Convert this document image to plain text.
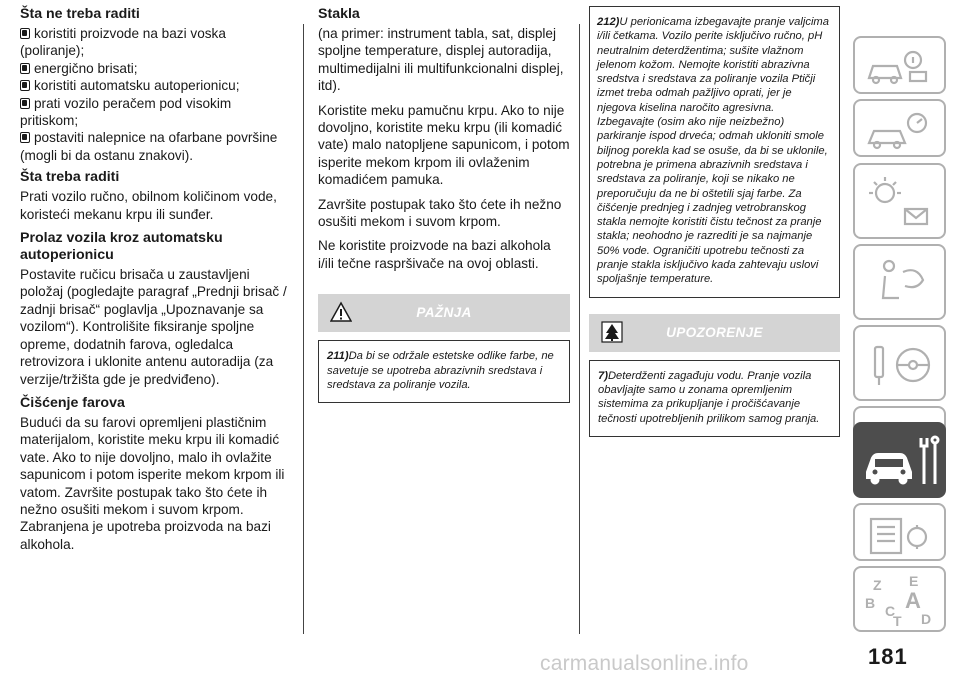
Šta ne treba raditi
koristiti proizvode na bazi voska (poliranje);
energično brisati;
koristiti automatsku autoperionicu;
prati vozilo peračem pod visokim pritiskom;
postaviti nalepnice na ofarbane površine (mogli bi da ostanu znakovi).
Šta treba raditi

Prati vozilo ručno, obilnom količinom vode, koristeći mekanu krpu ili sunđer.

Prolaz vozila kroz automatsku autoperionicu

Postavite ručicu brisača u zaustavljeni položaj (pogledajte paragraf „Prednji brisač / zadnji brisač“ poglavlja „Upoznavanje sa vozilom“). Kontrolišite fiksiranje spoljne opreme, dodatnih farova, ogledalca retrovizora i uklonite antenu autoradija (za verzije/tržišta gde je predviđeno).

Čišćenje farova

Budući da su farovi opremljeni plastičnim materijalom, koristite meku krpu ili komadić vate. Ako to nije dovoljno, malo ih ovlažite sapunicom i potom isperite mekom krpom ili vatom. Završite postupak tako što ćete ih nežno osušiti mekom i suvom krpom. Zabranjena je upotreba proizvoda na bazi alkohola.

Stakla

(na primer: instrument tabla, sat, displej spoljne temperature, displej autoradija, multimedijalni ili multifunkcionalni displej, itd).

Koristite meku pamučnu krpu. Ako to nije dovoljno, koristite meku krpu (ili komadić vate) malo natopljene sapunicom, i potom isperite mekom krpom ili ovlaženim komadićem pamuka.

Završite postupak tako što ćete ih nežno osušiti mekom i suvom krpom.

Ne koristite proizvode na bazi alkohola i/ili tečne raspršivače na ovoj oblasti.

PAŽNJA
211)Da bi se održale estetske odlike farbe, ne savetuje se upotreba abrazivnih sredstava i sredstava za poliranje vozila.
212)U perionicama izbegavajte pranje valjcima i/ili četkama. Vozilo perite isključivo ručno, pH neutralnim deterdžentima; sušite vlažnom jelenom kožom. Nemojte koristiti abrazivna sredstva i sredstava za poliranje vozila Ptičji izmet treba odmah pažljivo oprati, jer je njegova kiselina naročito agresivna. Izbegavajte (osim ako nije neizbežno) parkiranje ispod drveća; odmah ukloniti smole biljnog porekla kad se osuše, da bi se uklonile, potrebna je primena abrazivnih sredstava i sredstava za poliranje, koji se nikako ne preporučuju da ne bi oštetili sjaj farbe. Za čišćenje prednjeg i zadnjeg vetrobranskog stakla nemojte koristiti čistu tečnost za pranje stakla; neohodno je razrediti je sa najmanje 50% vode. Ograničiti upotrebu tečnosti za pranje stakla isključivo kada zahtevaju uslovi spoljašnje temperature.
UPOZORENJE
7)Deterdženti zagađuju vodu. Pranje vozila obavljajte samo u zonama opremljenim sistemima za prikupljanje i pročišćavanje tečnosti upotrebljenih prilikom samog pranja.
Z E
B C
T
A
D
181
carmanualsonline.info
